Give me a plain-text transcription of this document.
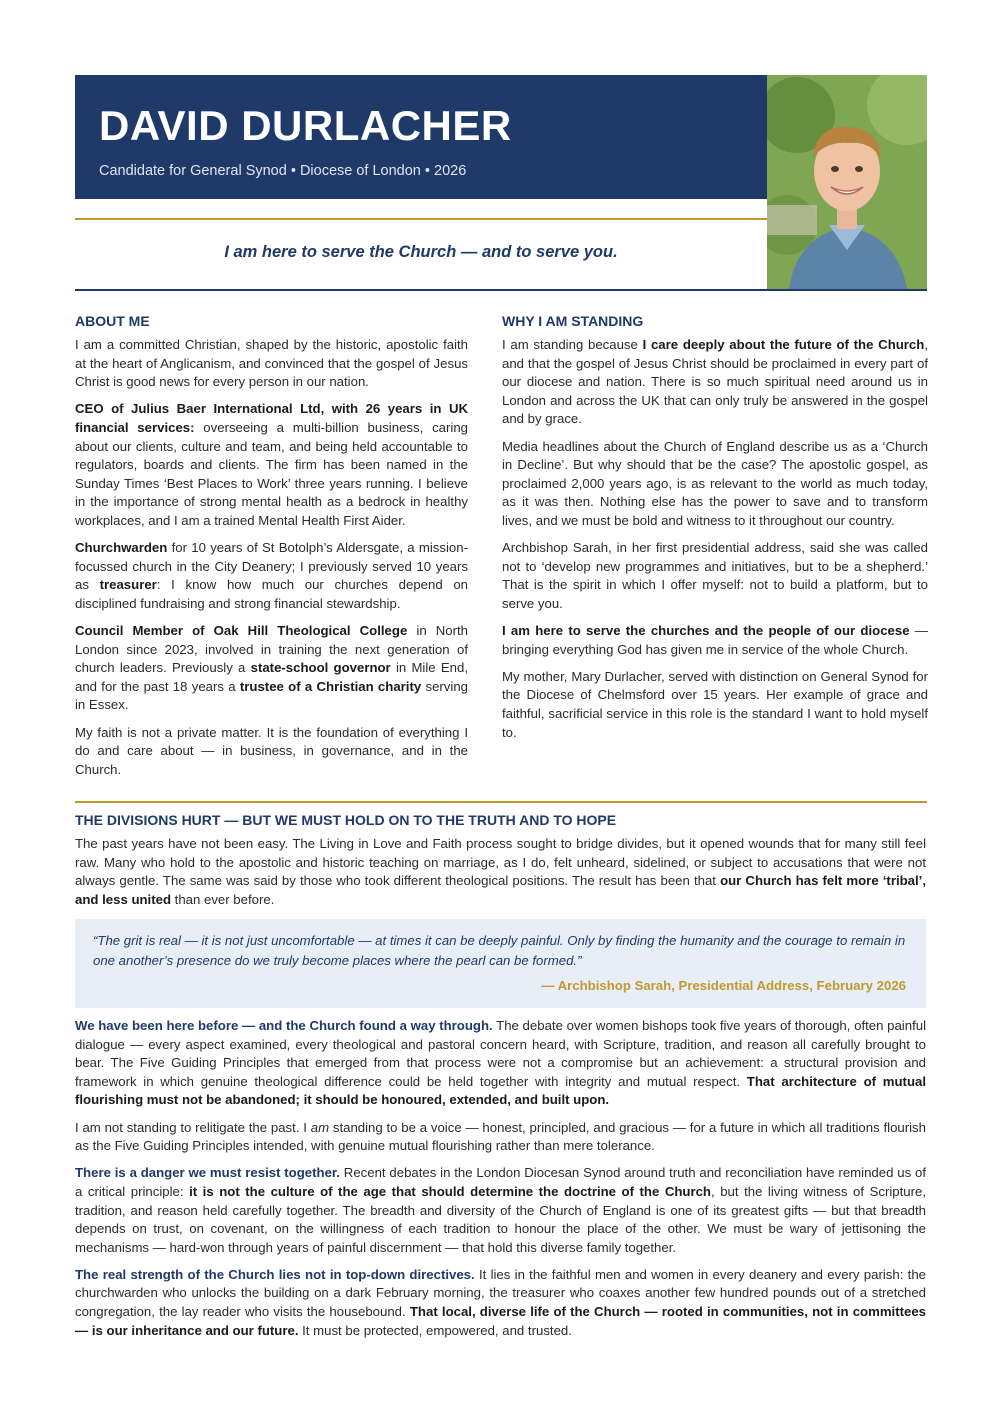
DAVID DURLACHER
Candidate for General Synod • Diocese of London • 2026
I am here to serve the Church — and to serve you.
ABOUT ME

I am a committed Christian, shaped by the historic, apostolic faith at the heart of Anglicanism, and convinced that the gospel of Jesus Christ is good news for every person in our nation.

CEO of Julius Baer International Ltd, with 26 years in UK financial services: overseeing a multi-billion business, caring about our clients, culture and team, and being held accountable to regulators, boards and clients. The firm has been named in the Sunday Times ‘Best Places to Work’ three years running. I believe in the importance of strong mental health as a bedrock in healthy workplaces, and I am a trained Mental Health First Aider.

Churchwarden for 10 years of St Botolph’s Aldersgate, a mission-focussed church in the City Deanery; I previously served 10 years as treasurer: I know how much our churches depend on disciplined fundraising and strong financial stewardship.

Council Member of Oak Hill Theological College in North London since 2023, involved in training the next generation of church leaders. Previously a state-school governor in Mile End, and for the past 18 years a trustee of a Christian charity serving in Essex.

My faith is not a private matter. It is the foundation of everything I do and care about — in business, in governance, and in the Church.

WHY I AM STANDING

I am standing because I care deeply about the future of the Church, and that the gospel of Jesus Christ should be proclaimed in every part of our diocese and nation. There is so much spiritual need around us in London and across the UK that can only truly be answered in the gospel and by grace.

Media headlines about the Church of England describe us as a ‘Church in Decline’. But why should that be the case? The apostolic gospel, as proclaimed 2,000 years ago, is as relevant to the world as much today, as it was then. Nothing else has the power to save and to transform lives, and we must be bold and witness to it throughout our country.

Archbishop Sarah, in her first presidential address, said she was called not to ‘develop new programmes and initiatives, but to be a shepherd.’ That is the spirit in which I offer myself: not to build a platform, but to serve you.

I am here to serve the churches and the people of our diocese — bringing everything God has given me in service of the whole Church.

My mother, Mary Durlacher, served with distinction on General Synod for the Diocese of Chelmsford over 15 years. Her example of grace and faithful, sacrificial service in this role is the standard I want to hold myself to.

THE DIVISIONS HURT — BUT WE MUST HOLD ON TO THE TRUTH AND TO HOPE

The past years have not been easy. The Living in Love and Faith process sought to bridge divides, but it opened wounds that for many still feel raw. Many who hold to the apostolic and historic teaching on marriage, as I do, felt unheard, sidelined, or subject to accusations that were not always gentle. The same was said by those who took different theological positions. The result has been that our Church has felt more ‘tribal’, and less united than ever before.

“The grit is real — it is not just uncomfortable — at times it can be deeply painful. Only by finding the humanity and the courage to remain in one another’s presence do we truly become places where the pearl can be formed.”
— Archbishop Sarah, Presidential Address, February 2026

We have been here before — and the Church found a way through. The debate over women bishops took five years of thorough, often painful dialogue — every aspect examined, every theological and pastoral concern heard, with Scripture, tradition, and reason all carefully brought to bear. The Five Guiding Principles that emerged from that process were not a compromise but an achievement: a structural provision and framework in which genuine theological difference could be held together with integrity and mutual respect. That architecture of mutual flourishing must not be abandoned; it should be honoured, extended, and built upon.

I am not standing to relitigate the past. I am standing to be a voice — honest, principled, and gracious — for a future in which all traditions flourish as the Five Guiding Principles intended, with genuine mutual flourishing rather than mere tolerance.

There is a danger we must resist together. Recent debates in the London Diocesan Synod around truth and reconciliation have reminded us of a critical principle: it is not the culture of the age that should determine the doctrine of the Church, but the living witness of Scripture, tradition, and reason held carefully together. The breadth and diversity of the Church of England is one of its greatest gifts — but that breadth depends on trust, on covenant, on the willingness of each tradition to honour the place of the other. We must be wary of jettisoning the mechanisms — hard-won through years of painful discernment — that hold this diverse family together.

The real strength of the Church lies not in top-down directives. It lies in the faithful men and women in every deanery and every parish: the churchwarden who unlocks the building on a dark February morning, the treasurer who coaxes another few hundred pounds out of a stretched congregation, the lay reader who visits the housebound. That local, diverse life of the Church — rooted in communities, not in committees — is our inheritance and our future. It must be protected, empowered, and trusted.
